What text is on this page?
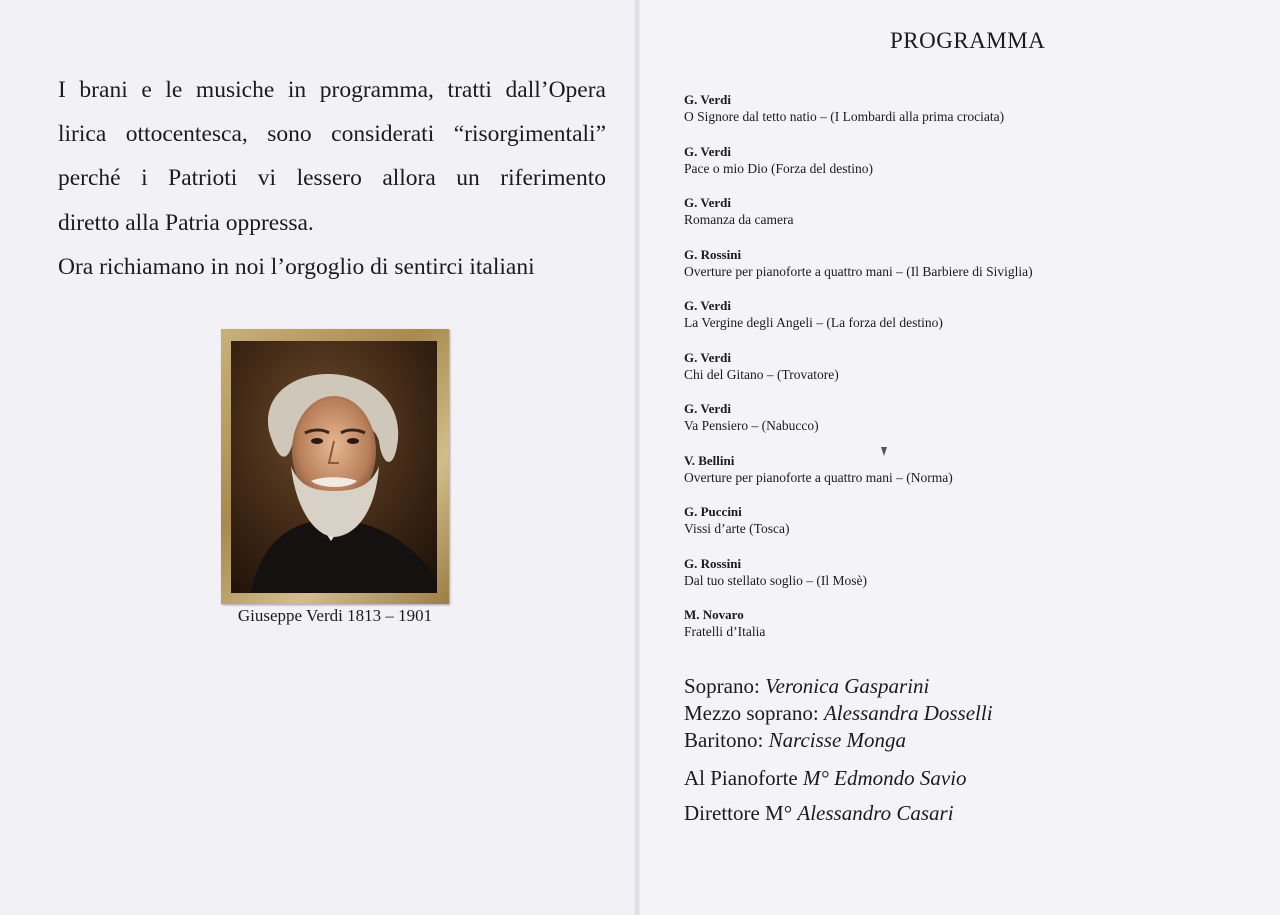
I brani e le musiche in programma, tratti dall’Opera
lirica ottocentesca, sono considerati “risorgimentali”
perché i Patrioti vi lessero allora un riferimento
diretto alla Patria oppressa.
Ora richiamano in noi l’orgoglio di sentirci italiani

Giuseppe Verdi 1813 – 1901
PROGRAMMA
G. Verdi
O Signore dal tetto natio – (I Lombardi alla prima crociata)
G. Verdi
Pace o mio Dio (Forza del destino)
G. Verdi
Romanza da camera
G. Rossini
Overture per pianoforte a quattro mani – (Il Barbiere di Siviglia)
G. Verdi
La Vergine degli Angeli – (La forza del destino)
G. Verdi
Chi del Gitano – (Trovatore)
G. Verdi
Va Pensiero – (Nabucco)
V. Bellini
Overture per pianoforte a quattro mani – (Norma)
G. Puccini
Vissi d’arte (Tosca)
G. Rossini
Dal tuo stellato soglio – (Il Mosè)
M. Novaro
Fratelli d’Italia
Soprano: Veronica Gasparini
Mezzo soprano: Alessandra Dosselli
Baritono: Narcisse Monga
Al Pianoforte M° Edmondo Savio
Direttore M° Alessandro Casari
